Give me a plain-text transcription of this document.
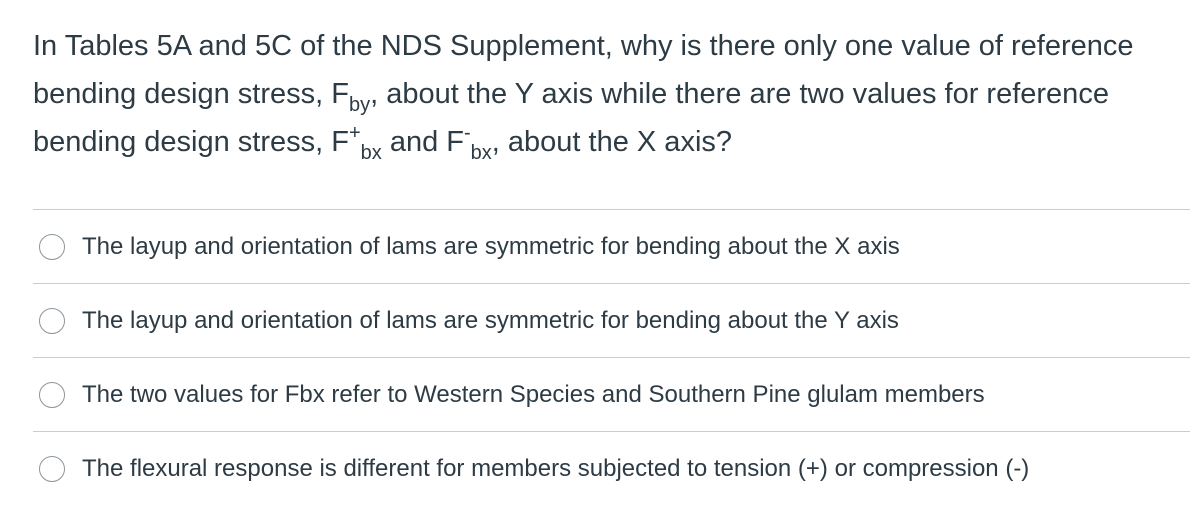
In Tables 5A and 5C of the NDS Supplement, why is there only one value of reference bending design stress, $F_{by}$, about the Y axis while there are two values for reference bending design stress, $F^+_{bx}$ and $F^-_{bx}$, about the X axis?
The layup and orientation of lams are symmetric for bending about the X axis
The layup and orientation of lams are symmetric for bending about the Y axis
The two values for Fbx refer to Western Species and Southern Pine glulam members
The flexural response is different for members subjected to tension (+) or compression (-)
